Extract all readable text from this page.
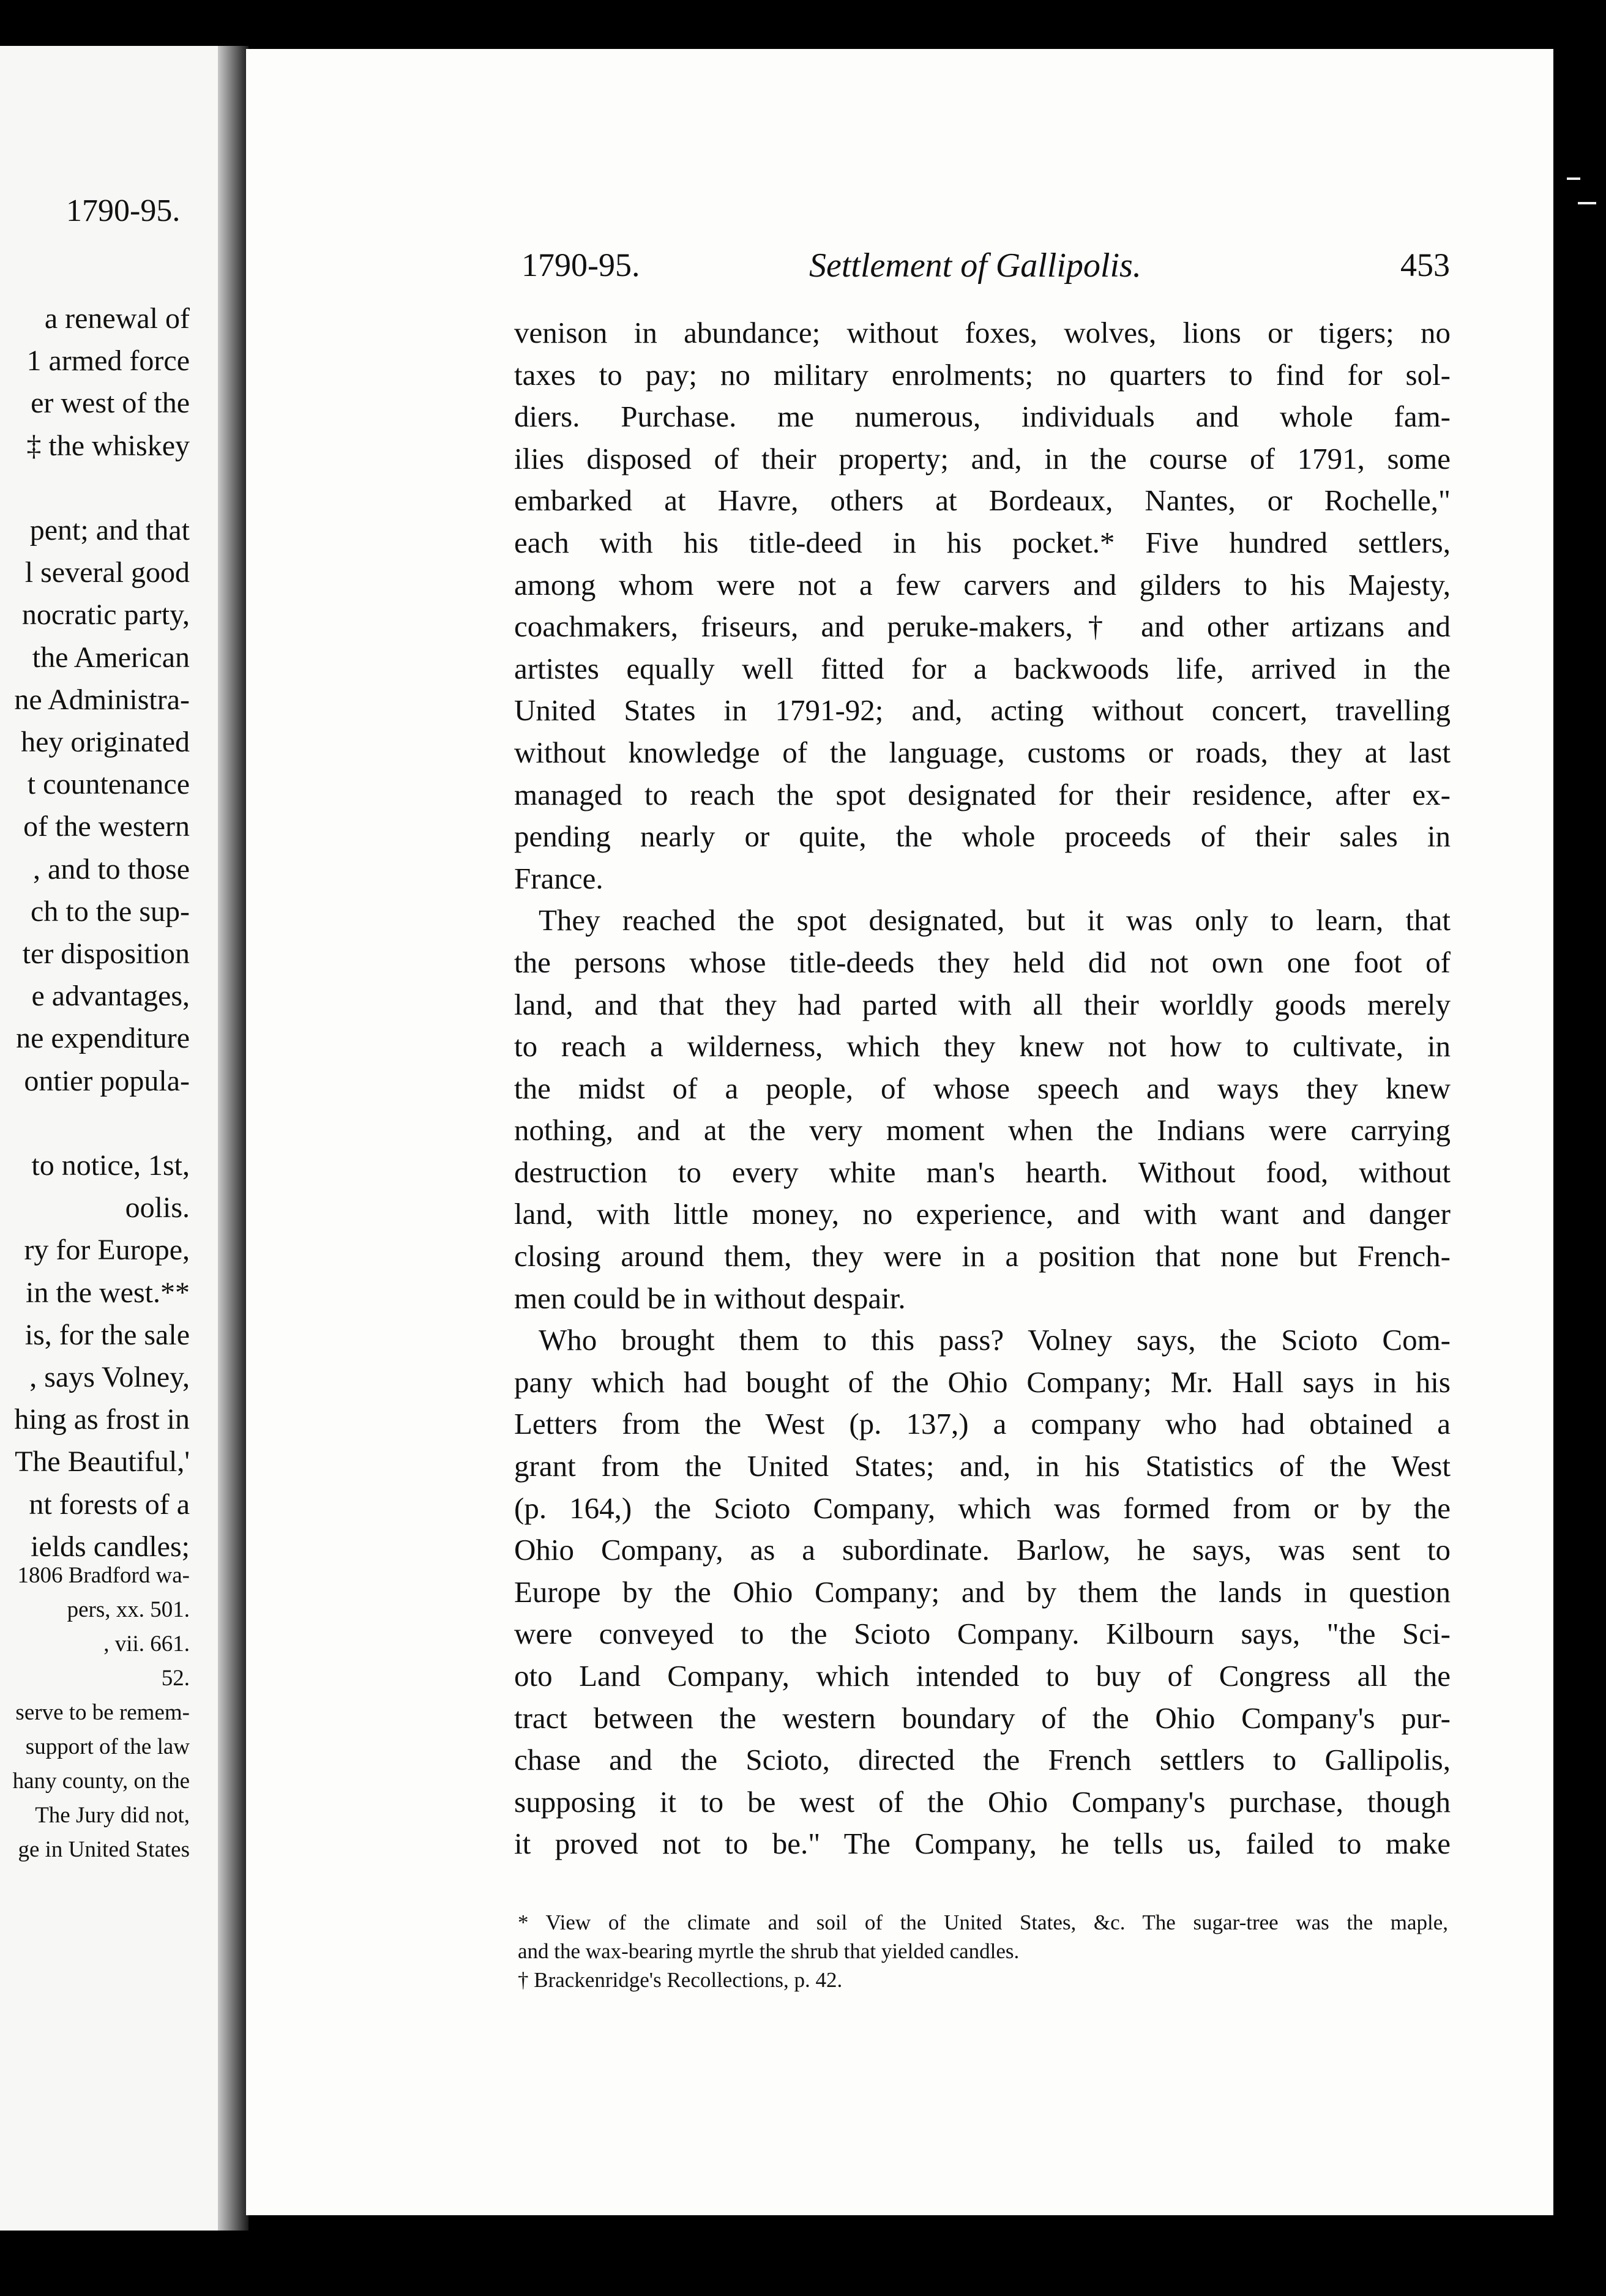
1790-95.
a renewal of
1 armed force
er west of the
‡ the whiskey
pent; and that
l several good
nocratic party,
the American
ne Administra-
hey originated
t countenance
of the western
, and to those
ch to the sup-
ter disposition
e advantages,
ne expenditure
ontier popula-
to notice, 1st,
oolis.
ry for Europe,
in the west.**
is, for the sale
, says Volney,
hing as frost in
The Beautiful,'
nt forests of a
ields candles;
1806 Bradford wa-
pers, xx. 501.
, vii. 661.
52.
serve to be remem-
support of the law
hany county, on the
The Jury did not,
ge in United States
1790-95.	Settlement of Gallipolis.	453

venison in abundance; without foxes, wolves, lions or tigers; no

taxes to pay; no military enrolments; no quarters to find for sol-

diers. Purchase. me numerous, individuals and whole fam-

ilies disposed of their property; and, in the course of 1791, some

embarked at Havre, others at Bordeaux, Nantes, or Rochelle,"

each with his title-deed in his pocket.* Five hundred settlers,

among whom were not a few carvers and gilders to his Majesty,

coachmakers, friseurs, and peruke-makers,† and other artizans and

artistes equally well fitted for a backwoods life, arrived in the

United States in 1791-92; and, acting without concert, travelling

without knowledge of the language, customs or roads, they at last

managed to reach the spot designated for their residence, after ex-

pending nearly or quite, the whole proceeds of their sales in

France.

They reached the spot designated, but it was only to learn, that

the persons whose title-deeds they held did not own one foot of

land, and that they had parted with all their worldly goods merely

to reach a wilderness, which they knew not how to cultivate, in

the midst of a people, of whose speech and ways they knew

nothing, and at the very moment when the Indians were carrying

destruction to every white man's hearth. Without food, without

land, with little money, no experience, and with want and danger

closing around them, they were in a position that none but French-

men could be in without despair.

Who brought them to this pass? Volney says, the Scioto Com-

pany which had bought of the Ohio Company; Mr. Hall says in his

Letters from the West (p. 137,) a company who had obtained a

grant from the United States; and, in his Statistics of the West

(p. 164,) the Scioto Company, which was formed from or by the

Ohio Company, as a subordinate. Barlow, he says, was sent to

Europe by the Ohio Company; and by them the lands in question

were conveyed to the Scioto Company. Kilbourn says, "the Sci-

oto Land Company, which intended to buy of Congress all the

tract between the western boundary of the Ohio Company's pur-

chase and the Scioto, directed the French settlers to Gallipolis,

supposing it to be west of the Ohio Company's purchase, though

it proved not to be." The Company, he tells us, failed to make

* View of the climate and soil of the United States, &c. The sugar-tree was the maple,
and the wax-bearing myrtle the shrub that yielded candles.
† Brackenridge's Recollections, p. 42.
